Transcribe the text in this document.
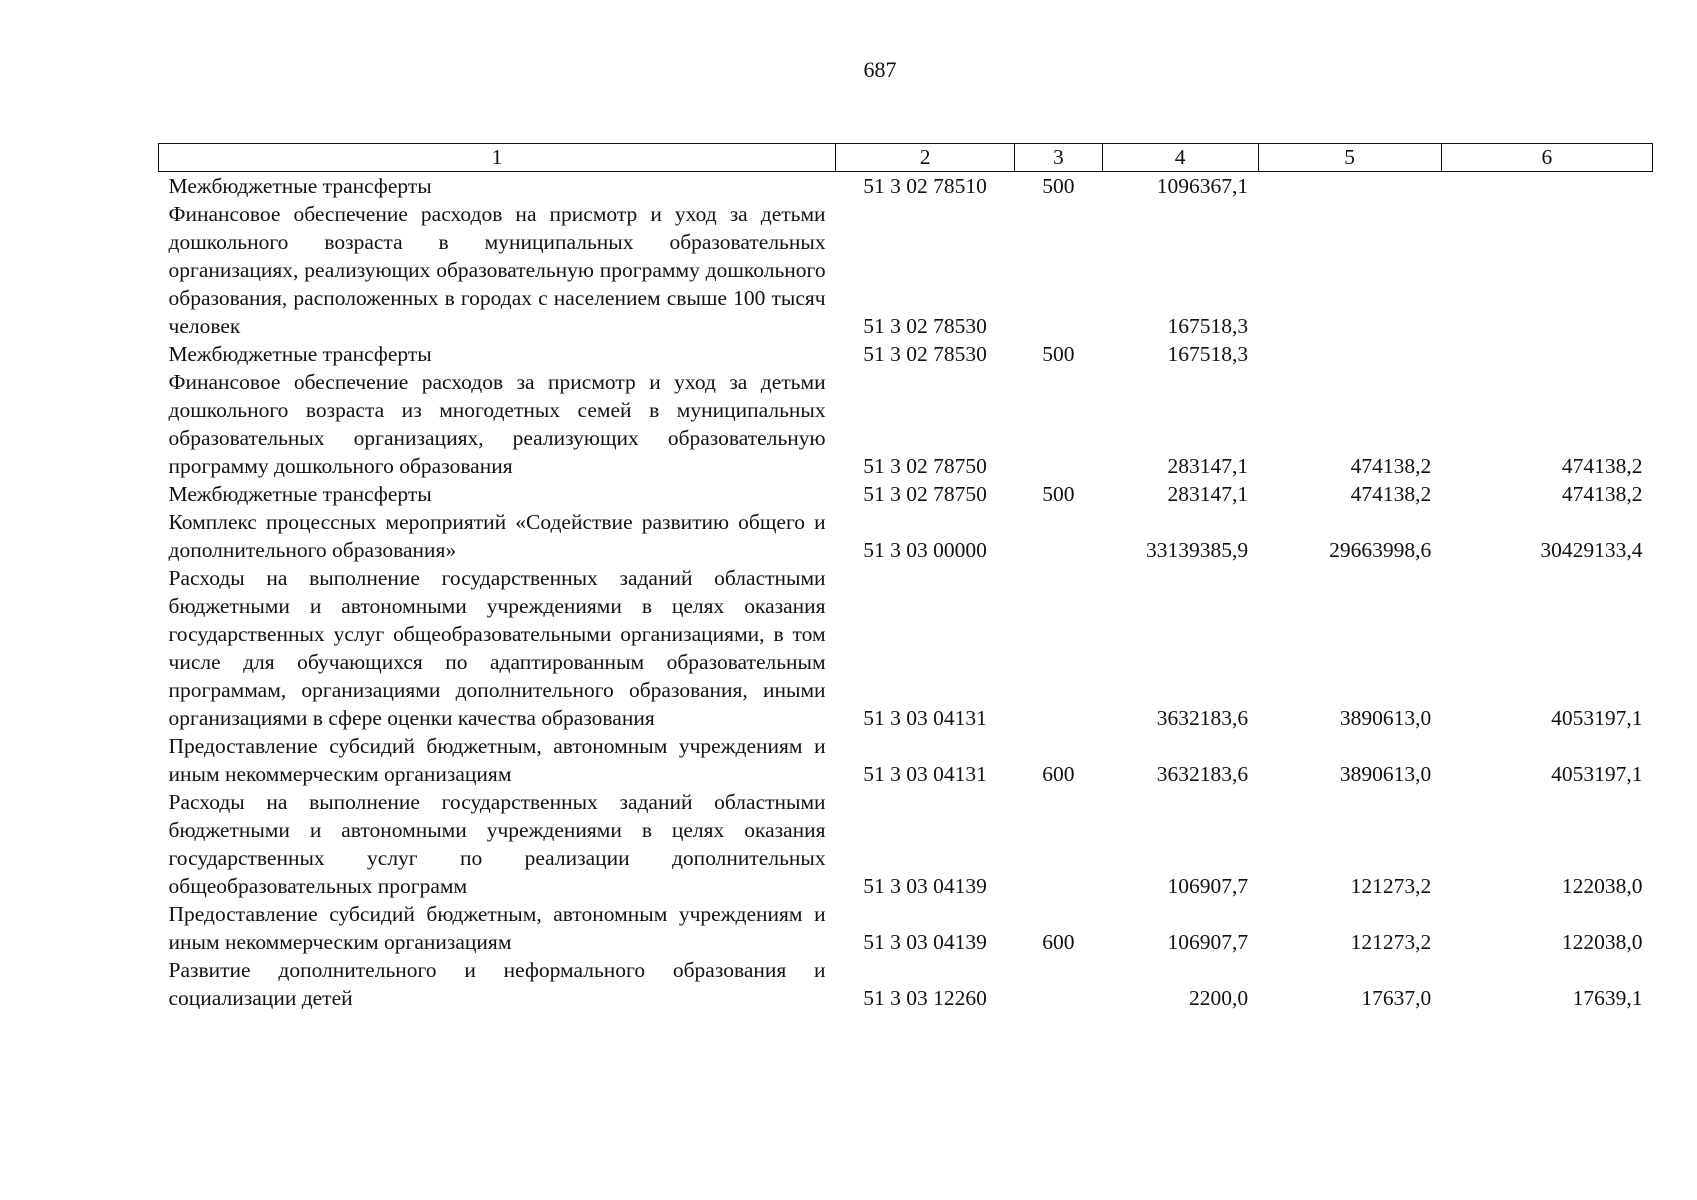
687
1	2	3	4	5	6
Межбюджетные трансферты	51 3 02 78510	500	1096367,1		
Финансовое обеспечение расходов на присмотр и уход за детьми дошкольного возраста в муниципальных образовательных организациях, реализующих образовательную программу дошкольного образования, расположенных в городах с населением свыше 100 тысяч человек	51 3 02 78530		167518,3		
Межбюджетные трансферты	51 3 02 78530	500	167518,3		
Финансовое обеспечение расходов за присмотр и уход за детьми дошкольного возраста из многодетных семей в муниципальных образовательных организациях, реализующих образовательную программу дошкольного образования	51 3 02 78750		283147,1	474138,2	474138,2
Межбюджетные трансферты	51 3 02 78750	500	283147,1	474138,2	474138,2
Комплекс процессных мероприятий «Содействие развитию общего и дополнительного образования»	51 3 03 00000		33139385,9	29663998,6	30429133,4
Расходы на выполнение государственных заданий областными бюджетными и автономными учреждениями в целях оказания государственных услуг общеобразовательными организациями, в том числе для обучающихся по адаптированным образовательным программам, организациями дополнительного образования, иными организациями в сфере оценки качества образования	51 3 03 04131		3632183,6	3890613,0	4053197,1
Предоставление субсидий бюджетным, автономным учреждениям и иным некоммерческим организациям	51 3 03 04131	600	3632183,6	3890613,0	4053197,1
Расходы на выполнение государственных заданий областными бюджетными и автономными учреждениями в целях оказания государственных услуг по реализации дополнительных общеобразовательных программ	51 3 03 04139		106907,7	121273,2	122038,0
Предоставление субсидий бюджетным, автономным учреждениям и иным некоммерческим организациям	51 3 03 04139	600	106907,7	121273,2	122038,0
Развитие дополнительного и неформального образования и социализации детей	51 3 03 12260		2200,0	17637,0	17639,1
